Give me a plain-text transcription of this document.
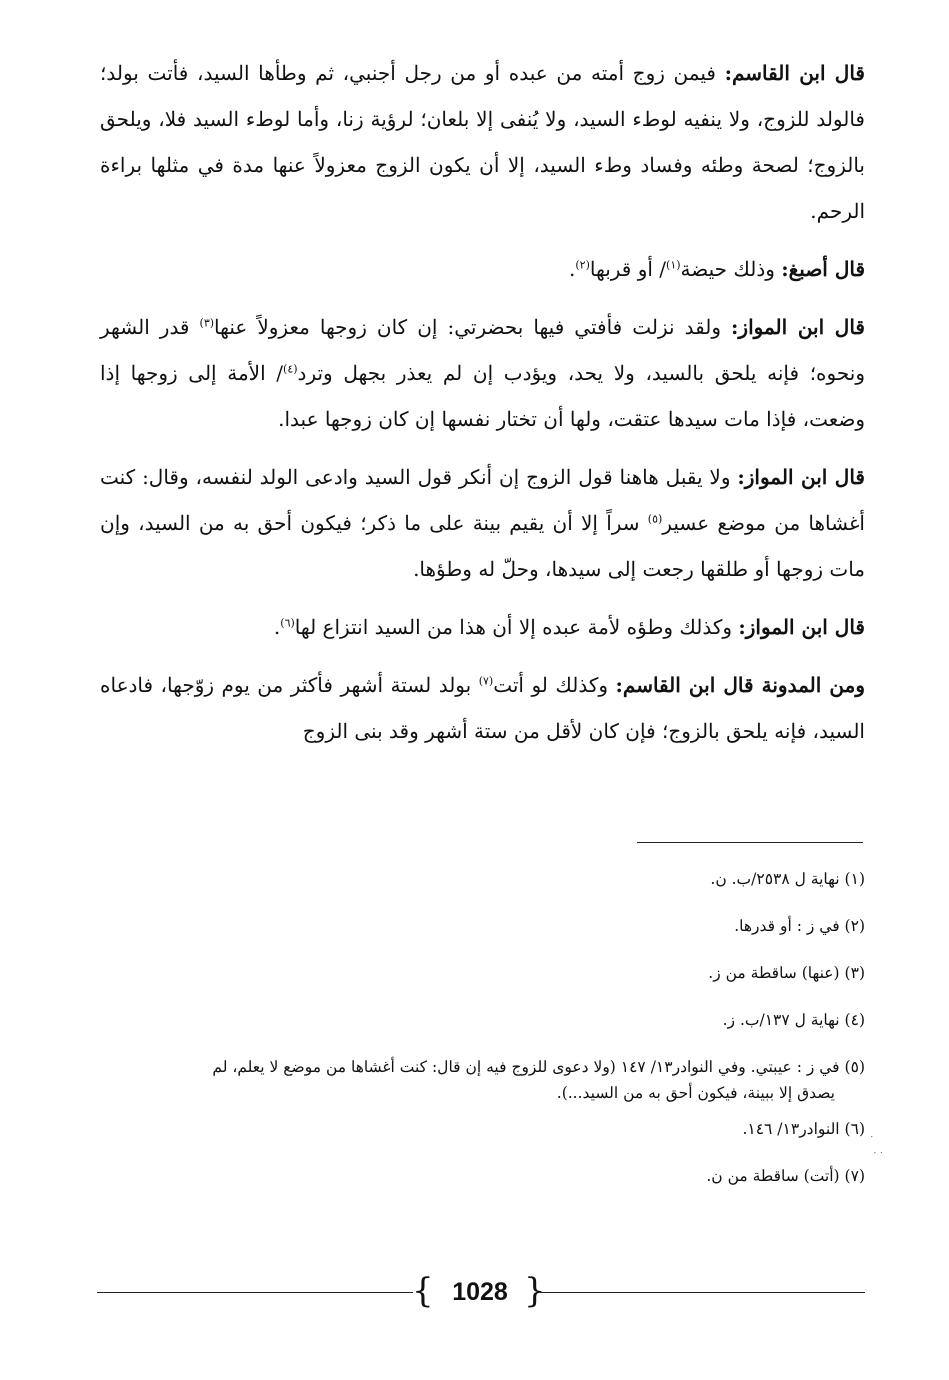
قال ابن القاسم: فيمن زوج أمته من عبده أو من رجل أجنبي، ثم وطأها السيد، فأتت بولد؛ فالولد للزوج، ولا ينفيه لوطء السيد، ولا يُنفى إلا بلعان؛ لرؤية زنا، وأما لوطء السيد فلا، ويلحق بالزوج؛ لصحة وطئه وفساد وطء السيد، إلا أن يكون الزوج معزولاً عنها مدة في مثلها براءة الرحم.

قال أصبغ: وذلك حيضة$^{(١)}$/ أو قربها$^{(٢)}$.

قال ابن المواز: ولقد نزلت فأفتي فيها بحضرتي: إن كان زوجها معزولاً عنها$^{(٣)}$ قدر الشهر ونحوه؛ فإنه يلحق بالسيد، ولا يحد، ويؤدب إن لم يعذر بجهل وترد$^{(٤)}$/ الأمة إلى زوجها إذا وضعت، فإذا مات سيدها عتقت، ولها أن تختار نفسها إن كان زوجها عبدا.

قال ابن المواز: ولا يقبل هاهنا قول الزوج إن أنكر قول السيد وادعى الولد لنفسه، وقال: كنت أغشاها من موضع عسير$^{(٥)}$ سراً إلا أن يقيم بينة على ما ذكر؛ فيكون أحق به من السيد، وإن مات زوجها أو طلقها رجعت إلى سيدها، وحلّ له وطؤها.

قال ابن المواز: وكذلك وطؤه لأمة عبده إلا أن هذا من السيد انتزاع لها$^{(٦)}$.

ومن المدونة قال ابن القاسم: وكذلك لو أتت$^{(٧)}$ بولد لستة أشهر فأكثر من يوم زوّجها، فادعاه السيد، فإنه يلحق بالزوج؛ فإن كان لأقل من ستة أشهر وقد بنى الزوج

(١) نهاية ل ٢٥٣٨/ب. ن.
(٢) في ز : أو قدرها.
(٣) (عنها) ساقطة من ز.
(٤) نهاية ل ١٣٧/ب. ز.
(٥) في ز : عيبتي. وفي النوادر١٣/ ١٤٧ (ولا دعوى للزوج فيه إن قال: كنت أغشاها من موضع لا يعلم، لم
يصدق إلا ببينة، فيكون أحق به من السيد...).
(٦) النوادر١٣/ ١٤٦.
(٧) (أتت) ساقطة من ن.
⋅
⋅ ⋅
{ 1028 }
